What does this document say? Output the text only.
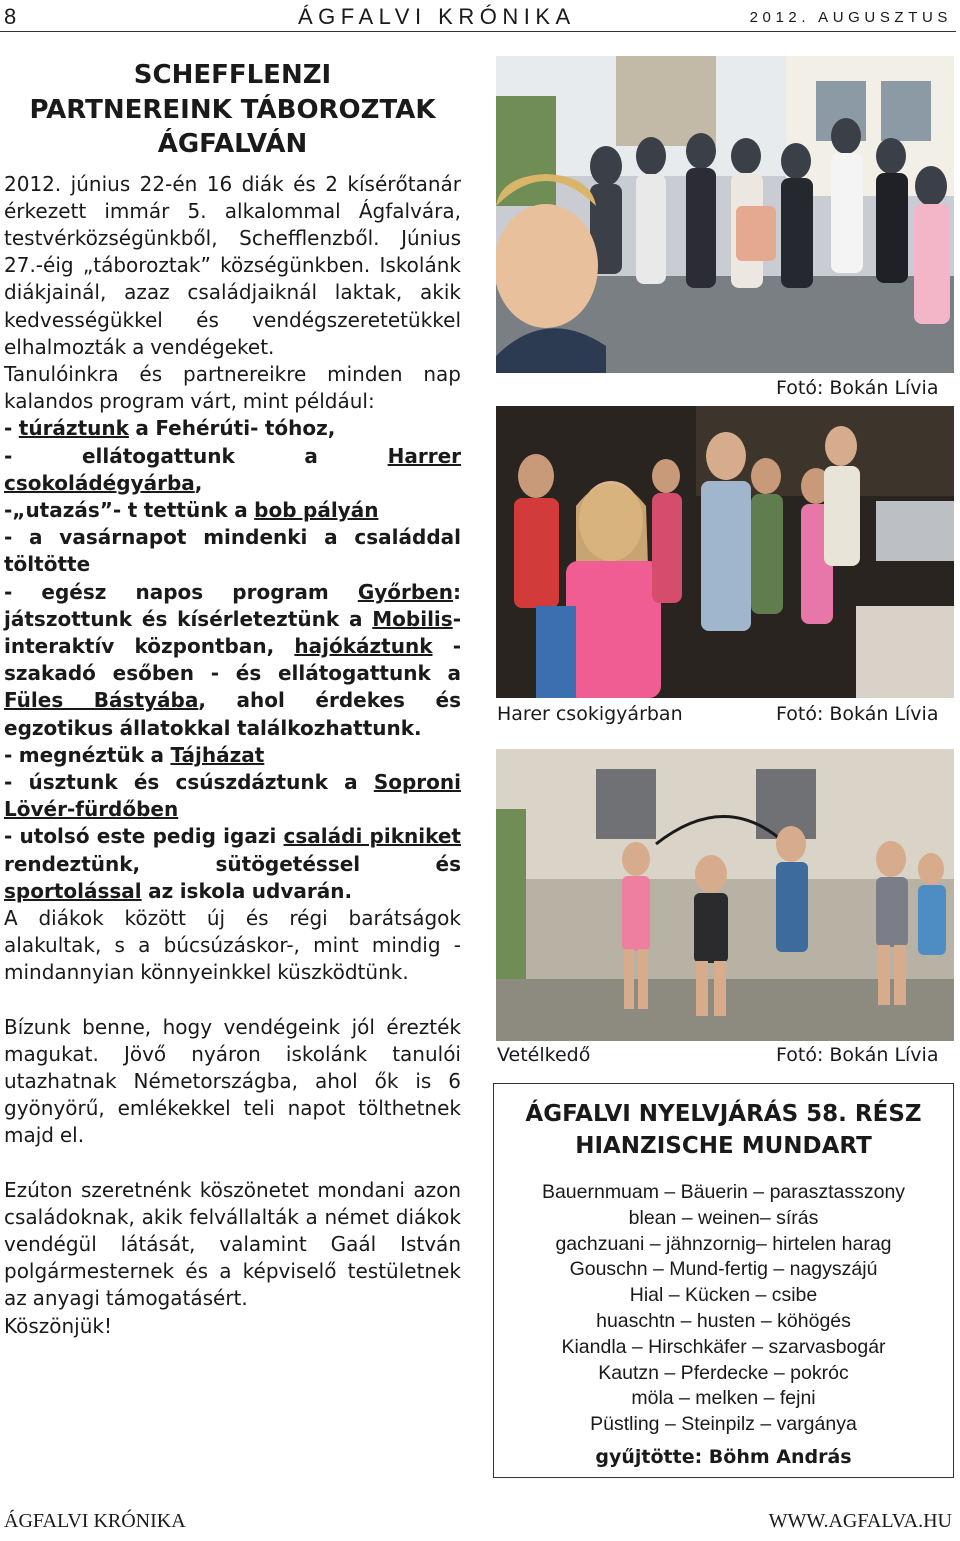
8	ÁGFALVI KRÓNIKA	2012. AUGUSZTUS
SCHEFFLENZI
PARTNEREINK TÁBOROZTAK
ÁGFALVÁN

2012. június 22-én 16 diák és 2 kísérőtanár érkezett immár 5. alkalommal Ágfalvára, testvérközségünkből, Schefflenzből. Június 27.-éig „táboroztak” községünkben. Iskolánk diákjainál, azaz családjaiknál laktak, akik kedvességükkel és vendégszeretetükkel elhalmozták a vendégeket.

Tanulóinkra és partnereikre minden nap kalandos program várt, mint például:

- túráztunk a Fehérúti- tóhoz,

- ellátogattunk a Harrer csokoládégyárba,

-„utazás”- t tettünk a bob pályán

- a vasárnapot mindenki a családdal töltötte

- egész napos program Győrben: játszottunk és kísérleteztünk a Mobilis-interaktív központban, hajókáztunk - szakadó esőben - és ellátogattunk a Füles Bástyába, ahol érdekes és egzotikus állatokkal találkozhattunk.

- megnéztük a Tájházat

- úsztunk és csúszdáztunk a Soproni Lövér-fürdőben

- utolsó este pedig igazi családi pikniket rendeztünk, sütögetéssel és sportolással az iskola udvarán.

A diákok között új és régi barátságok alakultak, s a búcsúzáskor-, mint mindig - mindannyian könnyeinkkel küszködtünk.

Bízunk benne, hogy vendégeink jól érezték magukat. Jövő nyáron iskolánk tanulói utazhatnak Németországba, ahol ők is 6 gyönyörű, emlékekkel teli napot tölthetnek majd el.

Ezúton szeretnénk köszönetet mondani azon családoknak, akik felvállalták a német diákok vendégül látását, valamint Gaál István polgármesternek és a képviselő testületnek az anyagi támogatásért.

Köszönjük!

Fotó: Bokán Lívia
Harer csokigyárban	Fotó: Bokán Lívia
Vetélkedő	Fotó: Bokán Lívia
ÁGFALVI NYELVJÁRÁS 58. RÉSZ
HIANZISCHE MUNDART
Bauernmuam – Bäuerin – parasztasszony
blean – weinen– sírás
gachzuani – jähnzornig– hirtelen harag
Gouschn – Mund-fertig – nagyszájú
Hial – Kücken – csibe
huaschtn – husten – köhögés
Kiandla – Hirschkäfer – szarvasbogár
Kautzn – Pferdecke – pokróc
möla – melken – fejni
Püstling – Steinpilz – vargánya
gyűjtötte: Böhm András
ÁGFALVI KRÓNIKA	WWW.AGFALVA.HU
